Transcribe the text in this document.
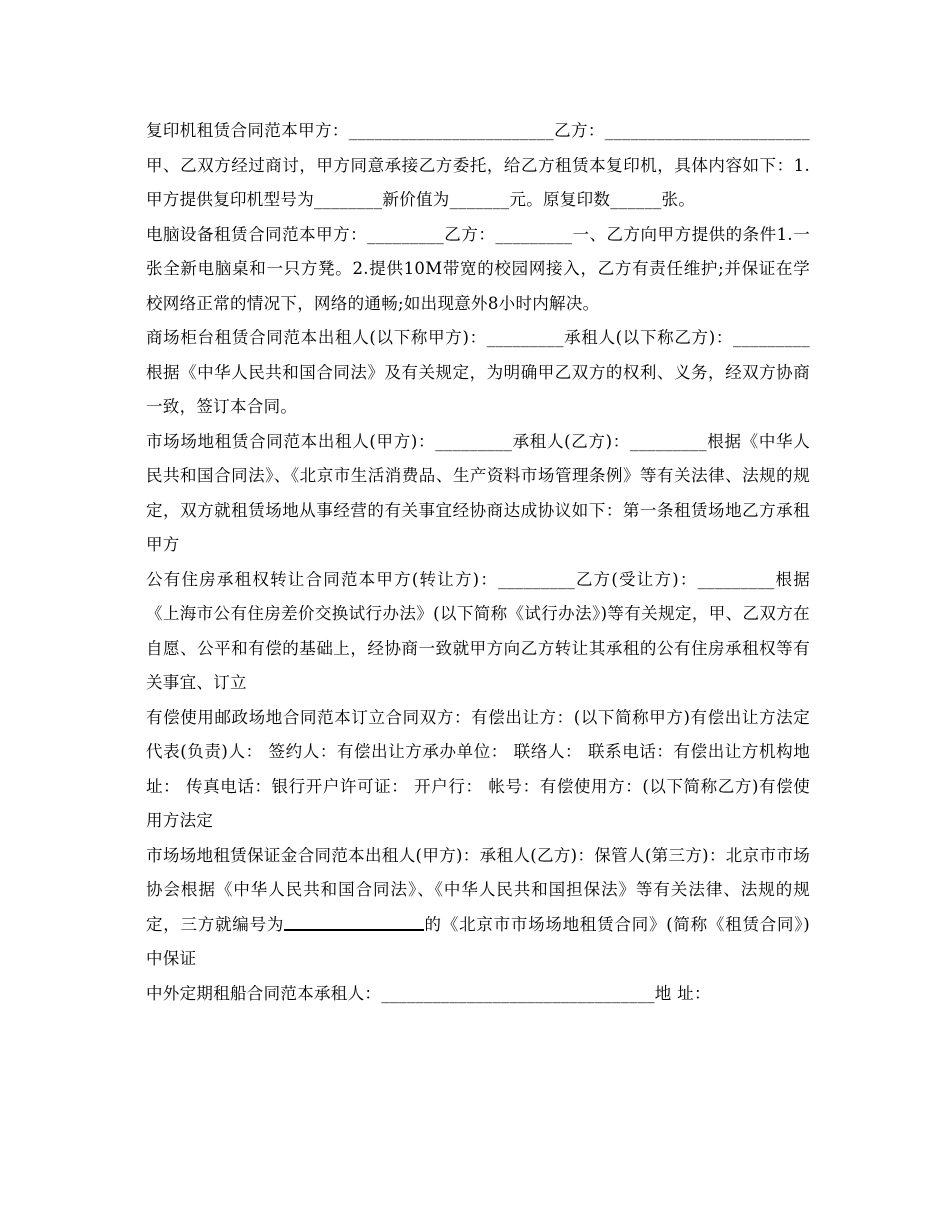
复印机租赁合同范本甲方：________________________乙方：________________________甲、乙双方经过商讨，甲方同意承接乙方委托，给乙方租赁本复印机，具体内容如下：1.甲方提供复印机型号为________新价值为_______元。原复印数______张。

电脑设备租赁合同范本甲方：_________乙方：_________一、乙方向甲方提供的条件1.一张全新电脑桌和一只方凳。2.提供10M带宽的校园网接入，乙方有责任维护;并保证在学校网络正常的情况下，网络的通畅;如出现意外8小时内解决。

商场柜台租赁合同范本出租人(以下称甲方)：_________承租人(以下称乙方)：_________根据《中华人民共和国合同法》及有关规定，为明确甲乙双方的权利、义务，经双方协商一致，签订本合同。

市场场地租赁合同范本出租人(甲方)：_________承租人(乙方)：_________根据《中华人民共和国合同法》、《北京市生活消费品、生产资料市场管理条例》等有关法律、法规的规定，双方就租赁场地从事经营的有关事宜经协商达成协议如下：第一条租赁场地乙方承租甲方

公有住房承租权转让合同范本甲方(转让方)：_________乙方(受让方)：_________根据《上海市公有住房差价交换试行办法》(以下简称《试行办法》)等有关规定，甲、乙双方在自愿、公平和有偿的基础上，经协商一致就甲方向乙方转让其承租的公有住房承租权等有关事宜、订立

有偿使用邮政场地合同范本订立合同双方：有偿出让方：(以下简称甲方)有偿出让方法定代表(负责)人： 签约人：有偿出让方承办单位： 联络人： 联系电话：有偿出让方机构地址： 传真电话：银行开户许可证： 开户行： 帐号：有偿使用方：(以下简称乙方)有偿使用方法定

市场场地租赁保证金合同范本出租人(甲方)：承租人(乙方)：保管人(第三方)：北京市市场协会根据《中华人民共和国合同法》、《中华人民共和国担保法》等有关法律、法规的规定，三方就编号为	的《北京市市场场地租赁合同》(简称《租赁合同》)中保证

中外定期租船合同范本承租人：________________________________地 址：
